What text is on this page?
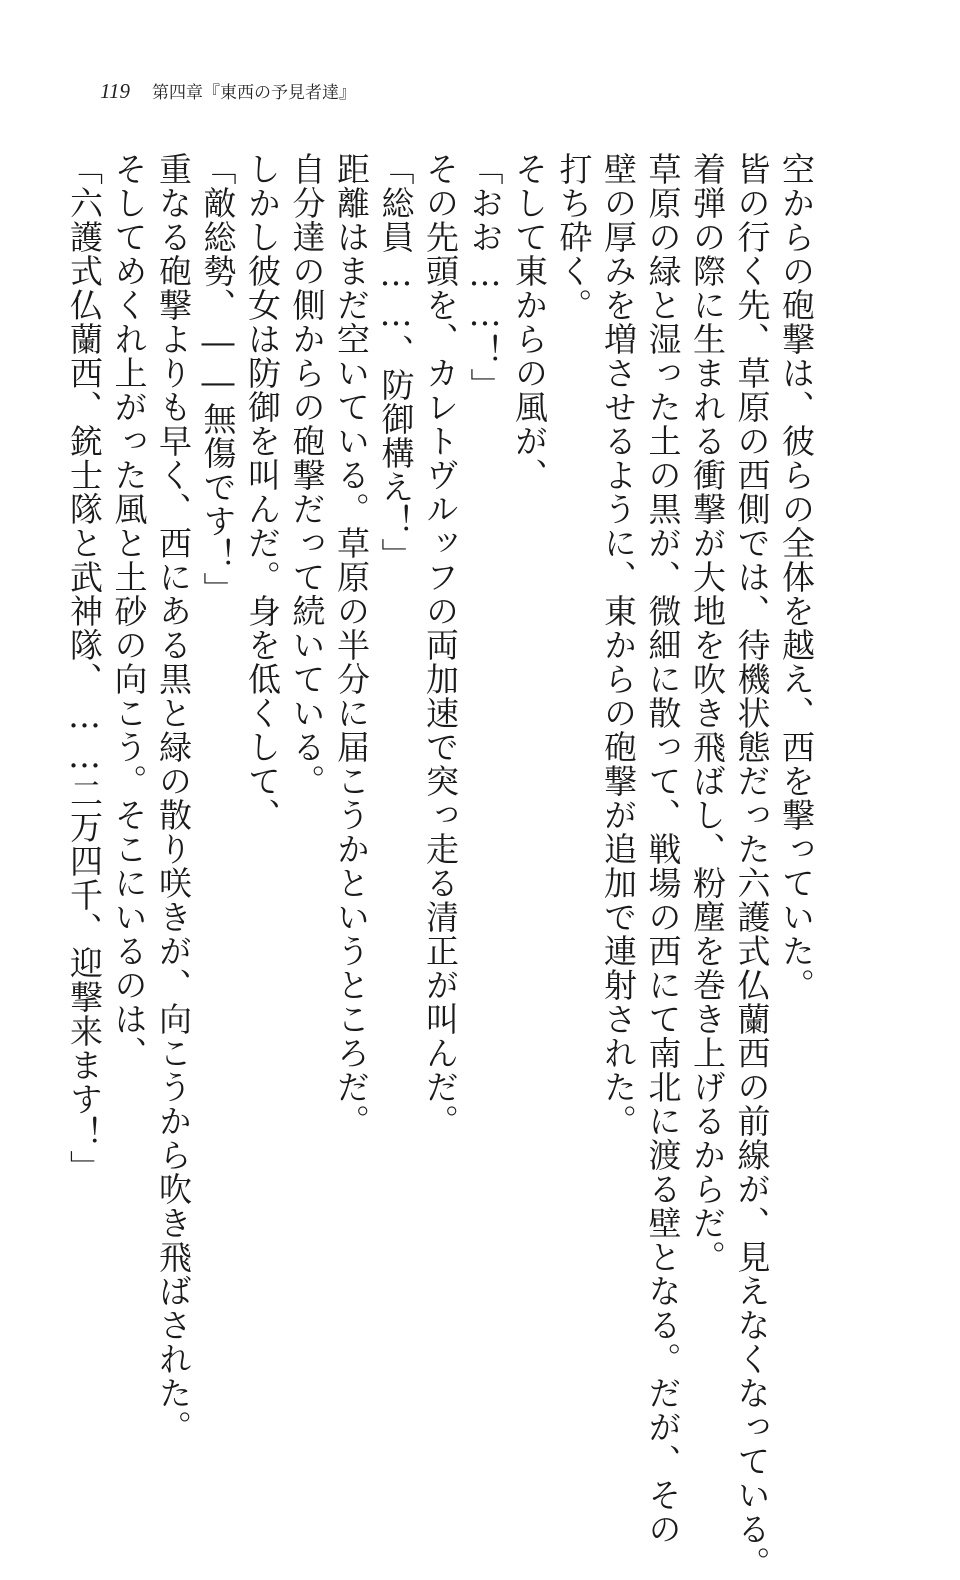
119 第四章『東西の予見者達』
空からの砲撃は、彼らの全体を越え、西を撃っていた。
皆の行く先、草原の西側では、待機状態だった六護式仏蘭西の前線が、見えなくなっている。
着弾の際に生まれる衝撃が大地を吹き飛ばし、粉塵を巻き上げるからだ。
草原の緑と湿った土の黒が、微細に散って、戦場の西にて南北に渡る壁となる。だが、その
壁の厚みを増させるように、東からの砲撃が追加で連射された。
打ち砕く。
そして東からの風が、
「おお……！」
その先頭を、カレトヴルッフの両加速で突っ走る清正が叫んだ。
「総員……、防御構え！」
距離はまだ空いている。草原の半分に届こうかというところだ。
自分達の側からの砲撃だって続いている。
しかし彼女は防御を叫んだ。身を低くして、
「敵総勢、――無傷です！」
重なる砲撃よりも早く、西にある黒と緑の散り咲きが、向こうから吹き飛ばされた。
そしてめくれ上がった風と土砂の向こう。そこにいるのは、
「六護式仏蘭西、銃士隊と武神隊、……二万四千、迎撃来ます！」
